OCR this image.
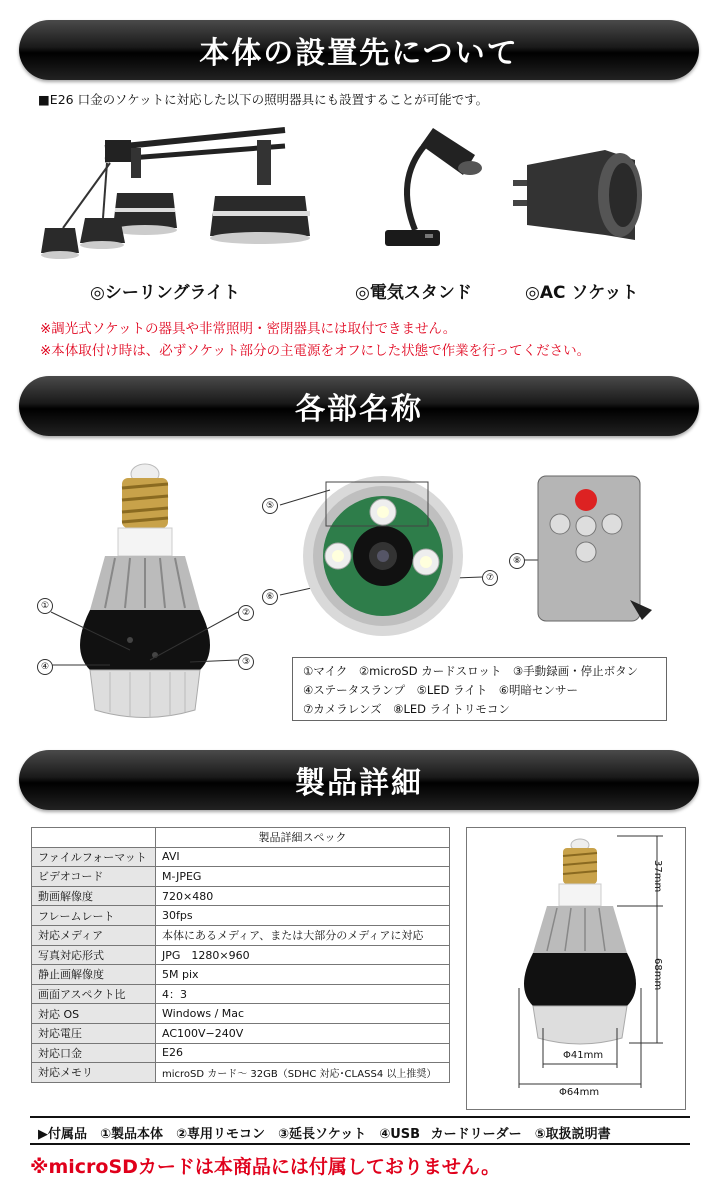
本体の設置先について
■E26 口金のソケットに対応した以下の照明器具にも設置することが可能です。
◎シーリングライト	◎電気スタンド	◎AC ソケット
※調光式ソケットの器具や非常照明・密閉器具には取付できません。
※本体取付け時は、必ずソケット部分の主電源をオフにした状態で作業を行ってください。
各部名称
①
②
③
④
⑤
⑥
⑦
⑧
①マイク　②microSD カードスロット　③手動録画・停止ボタン
④ステータスランプ　⑤LED ライト　⑥明暗センサー
⑦カメラレンズ　⑧LED ライトリモコン
製品詳細
	製品詳細スペック
ファイルフォーマット	AVI
ビデオコード	M-JPEG
動画解像度	720×480
フレームレート	30fps
対応メディア	本体にあるメディア、または大部分のメディアに対応
写真対応形式	JPG　1280×960
静止画解像度	5M pix
画面アスペクト比	4：3
対応 OS	Windows / Mac
対応電圧	AC100V−240V
対応口金	E26
対応メモリ	microSD カード～ 32GB（SDHC 対応･CLASS4 以上推奨）
37mm
68mm
Φ41mm
Φ64mm
▶付属品　①製品本体　②専用リモコン　③延長ソケット　④USB カードリーダー　⑤取扱説明書
※microSDカードは本商品には付属しておりません。
